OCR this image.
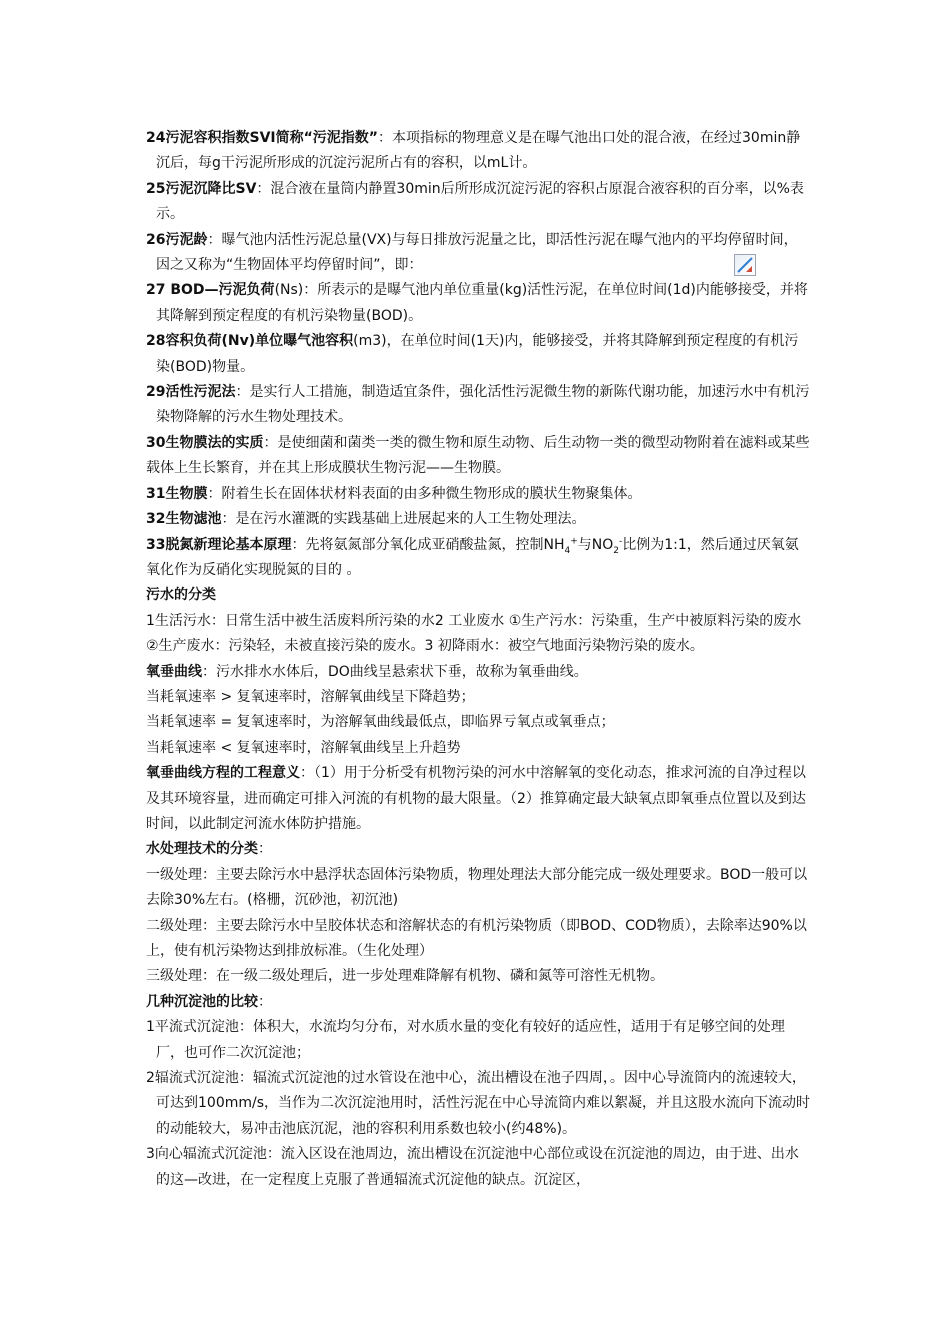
24污泥容积指数SVI简称“污泥指数”：本项指标的物理意义是在曝气池出口处的混合液，在经过30min静沉后，每g干污泥所形成的沉淀污泥所占有的容积，以mL计。

25污泥沉降比SV：混合液在量筒内静置30min后所形成沉淀污泥的容积占原混合液容积的百分率，以%表示。

26污泥龄：曝气池内活性污泥总量(VX)与每日排放污泥量之比，即活性污泥在曝气池内的平均停留时间，因之又称为“生物固体平均停留时间”，即：

27 BOD—污泥负荷(Ns)：所表示的是曝气池内单位重量(kg)活性污泥，在单位时间(1d)内能够接受，并将其降解到预定程度的有机污染物量(BOD)。

28容积负荷(Nv)单位曝气池容积(m3)，在单位时间(1天)内，能够接受，并将其降解到预定程度的有机污染(BOD)物量。

29活性污泥法：是实行人工措施，制造适宜条件，强化活性污泥微生物的新陈代谢功能，加速污水中有机污染物降解的污水生物处理技术。

30生物膜法的实质：是使细菌和菌类一类的微生物和原生动物、后生动物一类的微型动物附着在滤料或某些载体上生长繁育，并在其上形成膜状生物污泥——生物膜。

31生物膜：附着生长在固体状材料表面的由多种微生物形成的膜状生物聚集体。

32生物滤池：是在污水灌溉的实践基础上进展起来的人工生物处理法。

33脱氮新理论基本原理：先将氨氮部分氧化成亚硝酸盐氮，控制$NH_4^+$与$NO_2^-$比例为1:1，然后通过厌氧氨氧化作为反硝化实现脱氮的目的 。

污水的分类

1生活污水：日常生活中被生活废料所污染的水2 工业废水 ①生产污水：污染重，生产中被原料污染的废水②生产废水：污染轻，未被直接污染的废水。3 初降雨水：被空气地面污染物污染的废水。

氧垂曲线：污水排水水体后，DO曲线呈悬索状下垂，故称为氧垂曲线。

当耗氧速率 > 复氧速率时，溶解氧曲线呈下降趋势；

当耗氧速率 = 复氧速率时，为溶解氧曲线最低点，即临界亏氧点或氧垂点；

当耗氧速率 < 复氧速率时，溶解氧曲线呈上升趋势

氧垂曲线方程的工程意义：（1）用于分析受有机物污染的河水中溶解氧的变化动态，推求河流的自净过程以及其环境容量，进而确定可排入河流的有机物的最大限量。（2）推算确定最大缺氧点即氧垂点位置以及到达时间，以此制定河流水体防护措施。

水处理技术的分类：

一级处理：主要去除污水中悬浮状态固体污染物质，物理处理法大部分能完成一级处理要求。BOD一般可以去除30%左右。(格栅，沉砂池，初沉池)

二级处理：主要去除污水中呈胶体状态和溶解状态的有机污染物质（即BOD、COD物质），去除率达90%以上，使有机污染物达到排放标准。（生化处理）

三级处理：在一级二级处理后，进一步处理难降解有机物、磷和氮等可溶性无机物。

几种沉淀池的比较：

1平流式沉淀池：体积大，水流均匀分布，对水质水量的变化有较好的适应性，适用于有足够空间的处理厂，也可作二次沉淀池；

2辐流式沉淀池：辐流式沉淀池的过水管设在池中心，流出槽设在池子四周，。因中心导流筒内的流速较大，可达到100mm/s，当作为二次沉淀池用时，活性污泥在中心导流筒内难以絮凝，并且这股水流向下流动时的动能较大，易冲击池底沉泥，池的容积利用系数也较小(约48%)。

3向心辐流式沉淀池：流入区设在池周边，流出槽设在沉淀池中心部位或设在沉淀池的周边，由于进、出水的这—改进，在一定程度上克服了普通辐流式沉淀他的缺点。沉淀区，
